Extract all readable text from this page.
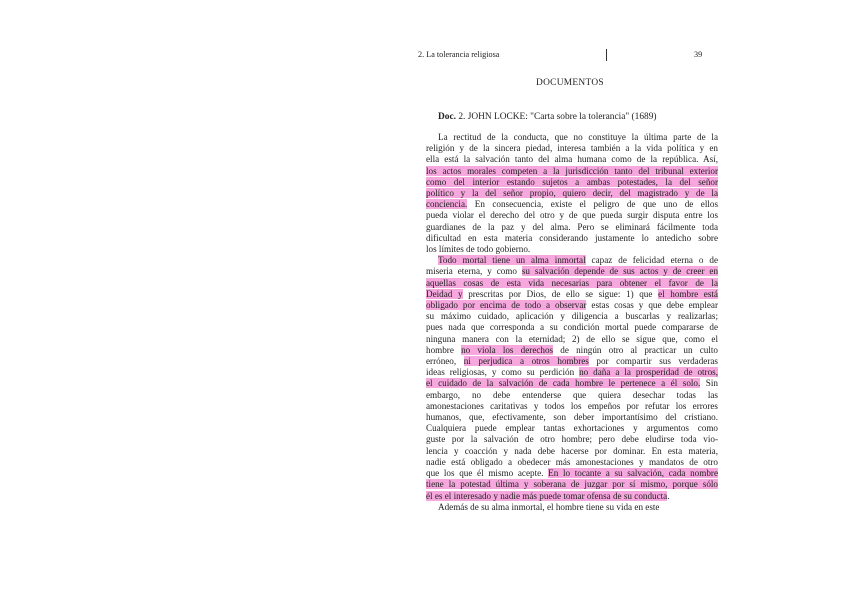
2. La tolerancia religiosa	39
DOCUMENTOS
Doc. 2. JOHN LOCKE: "Carta sobre la tolerancia" (1689)
La rectitud de la conducta, que no constituye la última parte de la
religión y de la sincera piedad, interesa también a la vida política y en
ella está la salvación tanto del alma humana como de la república. Así,
los actos morales competen a la jurisdicción tanto del tribunal exterior
como del interior estando sujetos a ambas potestades, la del señor
político y la del señor propio, quiero decir, del magistrado y de la
conciencia. En consecuencia, existe el peligro de que uno de ellos
pueda violar el derecho del otro y de que pueda surgir disputa entre los
guardianes de la paz y del alma. Pero se eliminará fácilmente toda
dificultad en esta materia considerando justamente lo antedicho sobre
los límites de todo gobierno.
Todo mortal tiene un alma inmortal capaz de felicidad eterna o de
miseria eterna, y como su salvación depende de sus actos y de creer en
aquellas cosas de esta vida necesarias para obtener el favor de la
Deidad y prescritas por Dios, de ello se sigue: 1) que el hombre está
obligado por encima de todo a observar estas cosas y que debe emplear
su máximo cuidado, aplicación y diligencia a buscarlas y realizarlas;
pues nada que corresponda a su condición mortal puede compararse de
ninguna manera con la eternidad; 2) de ello se sigue que, como el
hombre no viola los derechos de ningún otro al practicar un culto
erróneo, ni perjudica a otros hombres por compartir sus verdaderas
ideas religiosas, y como su perdición no daña a la prosperidad de otros,
el cuidado de la salvación de cada hombre le pertenece a él solo. Sin
embargo, no debe entenderse que quiera desechar todas las
amonestaciones caritativas y todos los empeños por refutar los errores
humanos, que, efectivamente, son deber importantísimo del cristiano.
Cualquiera puede emplear tantas exhortaciones y argumentos como
guste por la salvación de otro hombre; pero debe eludirse toda vio-
lencia y coacción y nada debe hacerse por dominar. En esta materia,
nadie está obligado a obedecer más amonestaciones y mandatos de otro
que los que él mismo acepte. En lo tocante a su salvación, cada nombre
tiene la potestad última y soberana de juzgar por sí mismo, porque sólo
él es el interesado y nadie más puede tomar ofensa de su conducta.
Además de su alma inmortal, el hombre tiene su vida en este
